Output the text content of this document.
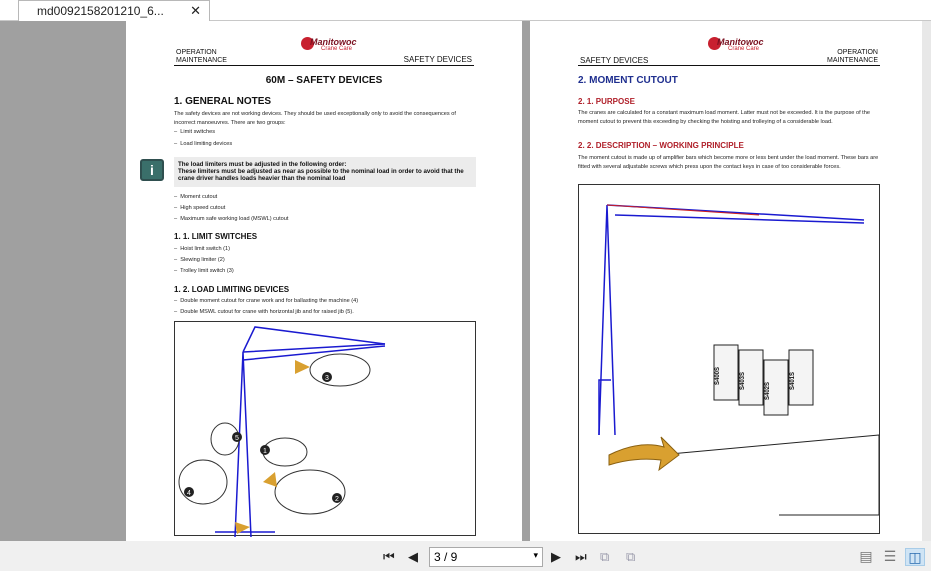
md0092158201210_6... ✕
OPERATION
MAINTENANCE
Manitowoc
Crane Care
SAFETY DEVICES
60M – SAFETY DEVICES
1. GENERAL NOTES
The safety devices are not working devices. They should be used exceptionally only to avoid the consequences of incorrect manoeuvres. There are two groups:
–  Limit switches
–  Load limiting devices
i	The load limiters must be adjusted in the following order:
These limiters must be adjusted as near as possible to the nominal load in order to avoid that the crane driver handles loads heavier than the nominal load
–  Moment cutout
–  High speed cutout
–  Maximum safe working load (MSWL) cutout
1. 1. LIMIT SWITCHES
–  Hoist limit switch (1)
–  Slewing limiter (2)
–  Trolley limit switch (3)
1. 2. LOAD LIMITING DEVICES
–  Double moment cutout for crane work and for ballasting the machine (4)
–  Double MSWL cutout for crane with horizontal jib and for raised jib (5).
3
1
2
5
4
SAFETY DEVICES
Manitowoc
Crane Care	OPERATION
MAINTENANCE
2. MOMENT CUTOUT
2. 1. PURPOSE
The cranes are calculated for a constant maximum load moment. Latter must not be exceeded. It is the purpose of the moment cutout to prevent this exceeding by checking the hoisting and trolleying of a considerable load.
2. 2. DESCRIPTION – WORKING PRINCIPLE
The moment cutout is made up of amplifier bars which become more or less bent under the load moment. These bars are fitted with several adjustable screws which press upon the contact keys in case of too considerable forces.
S400S	S403S
S402S
S401S
⏮ ◀	3 / 9	▾ ▶ ⏭ ⧉ ⧉	▤ ☰ ◫
